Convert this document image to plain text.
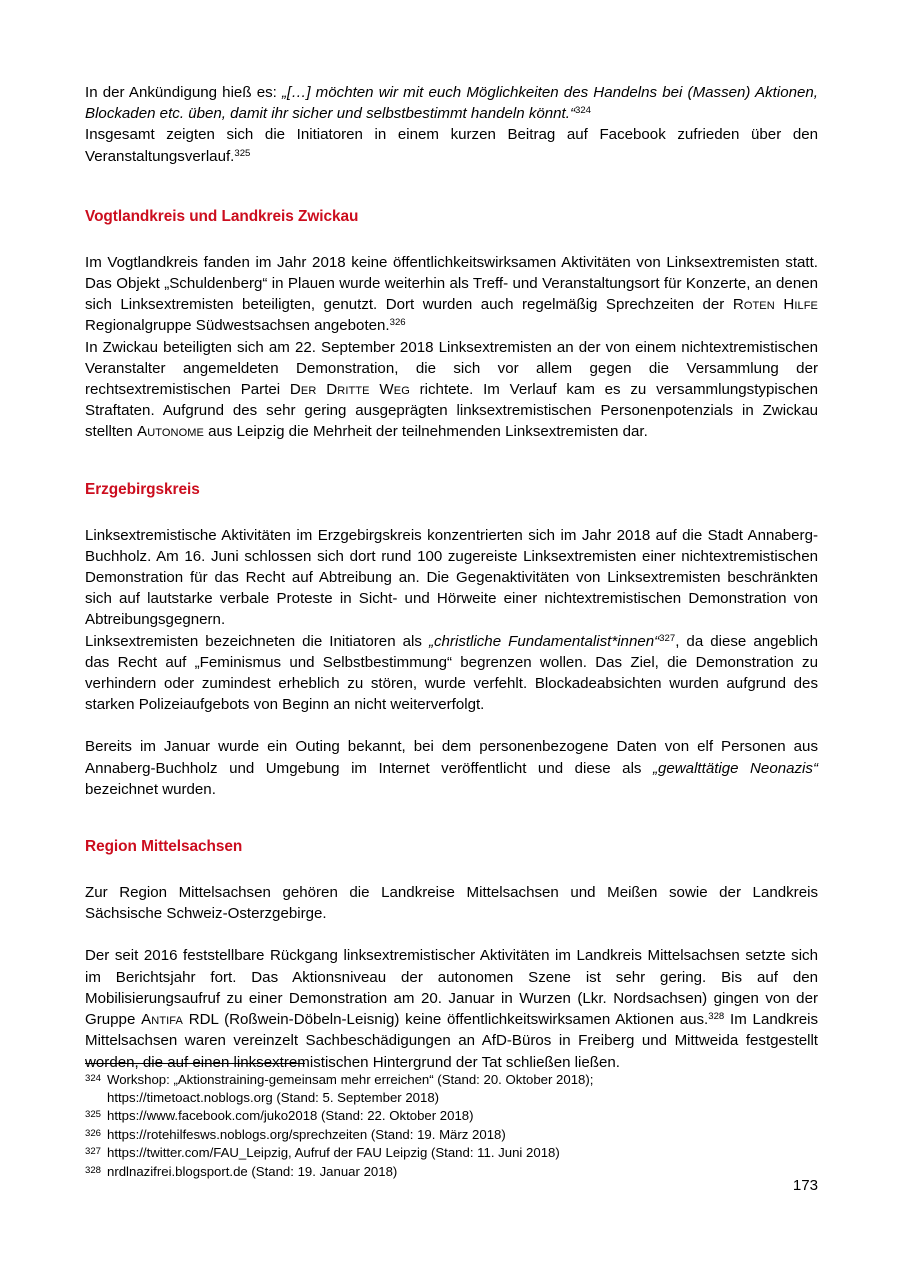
In der Ankündigung hieß es: „[…] möchten wir mit euch Möglichkeiten des Handelns bei (Massen) Aktionen, Blockaden etc. üben, damit ihr sicher und selbstbestimmt handeln könnt.“$^{324}$

Insgesamt zeigten sich die Initiatoren in einem kurzen Beitrag auf Facebook zufrieden über den Veranstaltungsverlauf.$^{325}$

Vogtlandkreis und Landkreis Zwickau

Im Vogtlandkreis fanden im Jahr 2018 keine öffentlichkeitswirksamen Aktivitäten von Linksextremisten statt. Das Objekt „Schuldenberg“ in Plauen wurde weiterhin als Treff- und Veranstaltungsort für Konzerte, an denen sich Linksextremisten beteiligten, genutzt. Dort wurden auch regelmäßig Sprechzeiten der Roten Hilfe Regionalgruppe Südwestsachsen angeboten.$^{326}$

In Zwickau beteiligten sich am 22. September 2018 Linksextremisten an der von einem nichtextremistischen Veranstalter angemeldeten Demonstration, die sich vor allem gegen die Versammlung der rechtsextremistischen Partei Der Dritte Weg richtete. Im Verlauf kam es zu versammlungstypischen Straftaten. Aufgrund des sehr gering ausgeprägten linksextremistischen Personenpotenzials in Zwickau stellten Autonome aus Leipzig die Mehrheit der teilnehmenden Linksextremisten dar.

Erzgebirgskreis

Linksextremistische Aktivitäten im Erzgebirgskreis konzentrierten sich im Jahr 2018 auf die Stadt Annaberg-Buchholz. Am 16. Juni schlossen sich dort rund 100 zugereiste Linksextremisten einer nichtextremistischen Demonstration für das Recht auf Abtreibung an. Die Gegenaktivitäten von Linksextremisten beschränkten sich auf lautstarke verbale Proteste in Sicht- und Hörweite einer nichtextremistischen Demonstration von Abtreibungsgegnern.

Linksextremisten bezeichneten die Initiatoren als „christliche Fundamentalist*innen“$^{327}$, da diese angeblich das Recht auf „Feminismus und Selbstbestimmung“ begrenzen wollen. Das Ziel, die Demonstration zu verhindern oder zumindest erheblich zu stören, wurde verfehlt. Blockadeabsichten wurden aufgrund des starken Polizeiaufgebots von Beginn an nicht weiterverfolgt.

Bereits im Januar wurde ein Outing bekannt, bei dem personenbezogene Daten von elf Personen aus Annaberg-Buchholz und Umgebung im Internet veröffentlicht und diese als „gewalttätige Neonazis“ bezeichnet wurden.

Region Mittelsachsen

Zur Region Mittelsachsen gehören die Landkreise Mittelsachsen und Meißen sowie der Landkreis Sächsische Schweiz-Osterzgebirge.

Der seit 2016 feststellbare Rückgang linksextremistischer Aktivitäten im Landkreis Mittelsachsen setzte sich im Berichtsjahr fort. Das Aktionsniveau der autonomen Szene ist sehr gering. Bis auf den Mobilisierungsaufruf zu einer Demonstration am 20. Januar in Wurzen (Lkr. Nordsachsen) gingen von der Gruppe Antifa RDL (Roßwein-Döbeln-Leisnig) keine öffentlichkeitswirksamen Aktionen aus.$^{328}$ Im Landkreis Mittelsachsen waren vereinzelt Sachbeschädigungen an AfD-Büros in Freiberg und Mittweida festgestellt worden, die auf einen linksextremistischen Hintergrund der Tat schließen ließen.

324 Workshop: „Aktionstraining-gemeinsam mehr erreichen“ (Stand: 20. Oktober 2018);
https://timetoact.noblogs.org (Stand: 5. September 2018)
325 https://www.facebook.com/juko2018 (Stand: 22. Oktober 2018)
326 https://rotehilfesws.noblogs.org/sprechzeiten (Stand: 19. März 2018)
327 https://twitter.com/FAU_Leipzig, Aufruf der FAU Leipzig (Stand: 11. Juni 2018)
328 nrdlnazifrei.blogsport.de (Stand: 19. Januar 2018)
173
